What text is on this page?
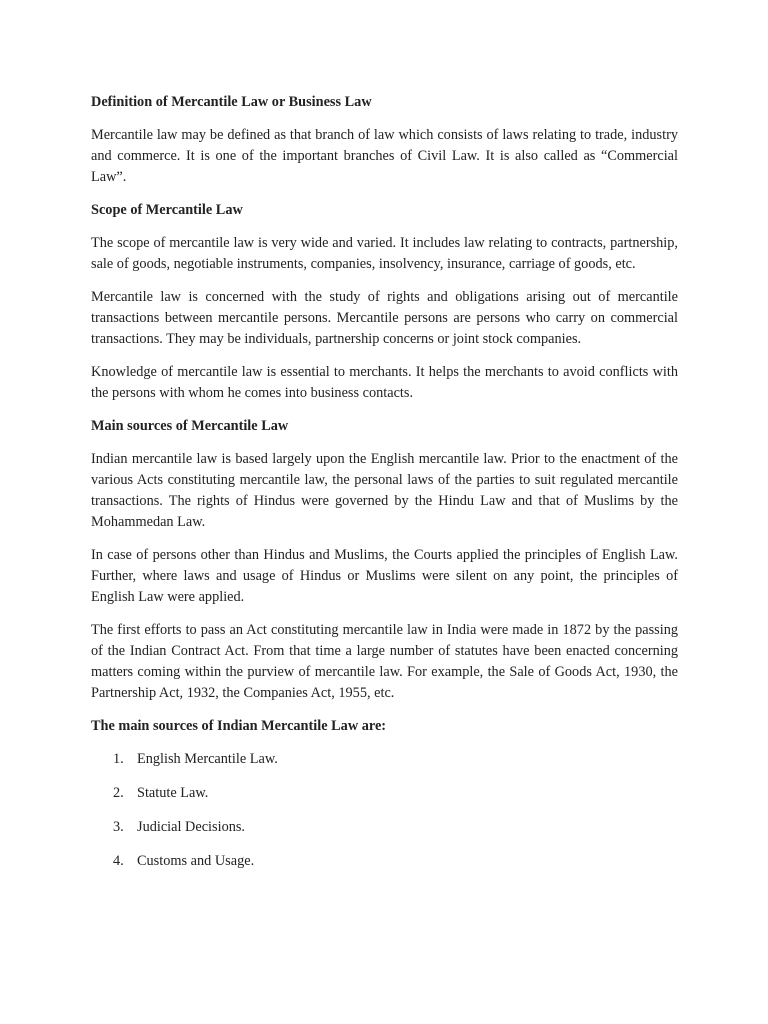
Definition of Mercantile Law or Business Law

Mercantile law may be defined as that branch of law which consists of laws relating to trade, industry and commerce. It is one of the important branches of Civil Law. It is also called as “Commercial Law”.

Scope of Mercantile Law

The scope of mercantile law is very wide and varied. It includes law relating to contracts, partnership, sale of goods, negotiable instruments, companies, insolvency, insurance, carriage of goods, etc.

Mercantile law is concerned with the study of rights and obligations arising out of mercantile transactions between mercantile persons. Mercantile persons are persons who carry on commercial transactions. They may be individuals, partnership concerns or joint stock companies.

Knowledge of mercantile law is essential to merchants. It helps the merchants to avoid conflicts with the persons with whom he comes into business contacts.

Main sources of Mercantile Law

Indian mercantile law is based largely upon the English mercantile law. Prior to the enactment of the various Acts constituting mercantile law, the personal laws of the parties to suit regulated mercantile transactions. The rights of Hindus were governed by the Hindu Law and that of Muslims by the Mohammedan Law.

In case of persons other than Hindus and Muslims, the Courts applied the principles of English Law. Further, where laws and usage of Hindus or Muslims were silent on any point, the principles of English Law were applied.

The first efforts to pass an Act constituting mercantile law in India were made in 1872 by the passing of the Indian Contract Act. From that time a large number of statutes have been enacted concerning matters coming within the purview of mercantile law. For example, the Sale of Goods Act, 1930, the Partnership Act, 1932, the Companies Act, 1955, etc.

The main sources of Indian Mercantile Law are:
1. English Mercantile Law.
2. Statute Law.
3. Judicial Decisions.
4. Customs and Usage.
